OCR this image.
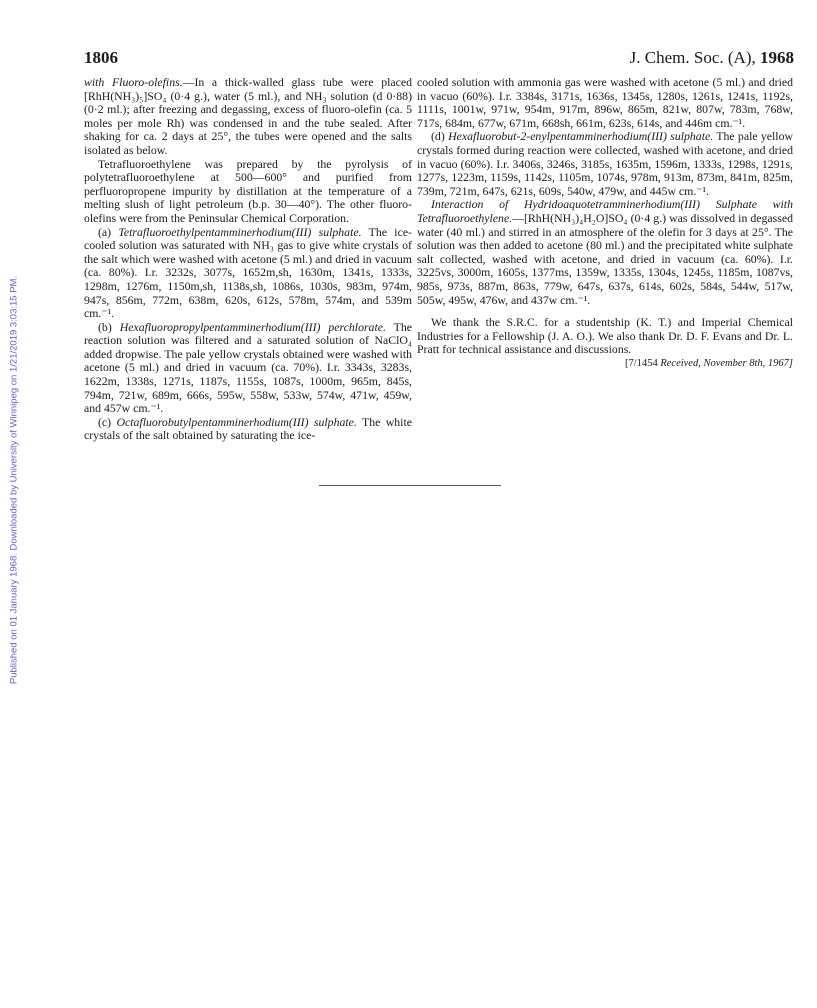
Published on 01 January 1968. Downloaded by University of Winnipeg on 1/21/2019 3:03:15 PM.
1806	J. Chem. Soc. (A), 1968

with Fluoro-olefins.—In a thick-walled glass tube were placed [RhH(NH₃)₅]SO₄ (0·4 g.), water (5 ml.), and NH₃ solution (d 0·88) (0·2 ml.); after freezing and degassing, excess of fluoro-olefin (ca. 5 moles per mole Rh) was condensed in and the tube sealed. After shaking for ca. 2 days at 25°, the tubes were opened and the salts isolated as below.

Tetrafluoroethylene was prepared by the pyrolysis of polytetrafluoroethylene at 500—600° and purified from perfluoropropene impurity by distillation at the temperature of a melting slush of light petroleum (b.p. 30—40°). The other fluoro-olefins were from the Peninsular Chemical Corporation.

(a) Tetrafluoroethylpentamminerhodium(III) sulphate. The ice-cooled solution was saturated with NH₃ gas to give white crystals of the salt which were washed with acetone (5 ml.) and dried in vacuum (ca. 80%). I.r. 3232s, 3077s, 1652m,sh, 1630m, 1341s, 1333s, 1298m, 1276m, 1150m,sh, 1138s,sh, 1086s, 1030s, 983m, 974m, 947s, 856m, 772m, 638m, 620s, 612s, 578m, 574m, and 539m cm.⁻¹.

(b) Hexafluoropropylpentamminerhodium(III) perchlorate. The reaction solution was filtered and a saturated solution of NaClO₄ added dropwise. The pale yellow crystals obtained were washed with acetone (5 ml.) and dried in vacuum (ca. 70%). I.r. 3343s, 3283s, 1622m, 1338s, 1271s, 1187s, 1155s, 1087s, 1000m, 965m, 845s, 794m, 721w, 689m, 666s, 595w, 558w, 533w, 574w, 471w, 459w, and 457w cm.⁻¹.

(c) Octafluorobutylpentamminerhodium(III) sulphate. The white crystals of the salt obtained by saturating the ice-

cooled solution with ammonia gas were washed with acetone (5 ml.) and dried in vacuo (60%). I.r. 3384s, 3171s, 1636s, 1345s, 1280s, 1261s, 1241s, 1192s, 1111s, 1001w, 971w, 954m, 917m, 896w, 865m, 821w, 807w, 783m, 768w, 717s, 684m, 677w, 671m, 668sh, 661m, 623s, 614s, and 446m cm.⁻¹.

(d) Hexafluorobut-2-enylpentamminerhodium(III) sulphate. The pale yellow crystals formed during reaction were collected, washed with acetone, and dried in vacuo (60%). I.r. 3406s, 3246s, 3185s, 1635m, 1596m, 1333s, 1298s, 1291s, 1277s, 1223m, 1159s, 1142s, 1105m, 1074s, 978m, 913m, 873m, 841m, 825m, 739m, 721m, 647s, 621s, 609s, 540w, 479w, and 445w cm.⁻¹.

Interaction of Hydridoaquotetramminerhodium(III) Sulphate with Tetrafluoroethylene.—[RhH(NH₃)₄H₂O]SO₄ (0·4 g.) was dissolved in degassed water (40 ml.) and stirred in an atmosphere of the olefin for 3 days at 25°. The solution was then added to acetone (80 ml.) and the precipitated white sulphate salt collected, washed with acetone, and dried in vacuum (ca. 60%). I.r. 3225vs, 3000m, 1605s, 1377ms, 1359w, 1335s, 1304s, 1245s, 1185m, 1087vs, 985s, 973s, 887m, 863s, 779w, 647s, 637s, 614s, 602s, 584s, 544w, 517w, 505w, 495w, 476w, and 437w cm.⁻¹.

We thank the S.R.C. for a studentship (K. T.) and Imperial Chemical Industries for a Fellowship (J. A. O.). We also thank Dr. D. F. Evans and Dr. L. Pratt for technical assistance and discussions.

[7/1454 Received, November 8th, 1967]
